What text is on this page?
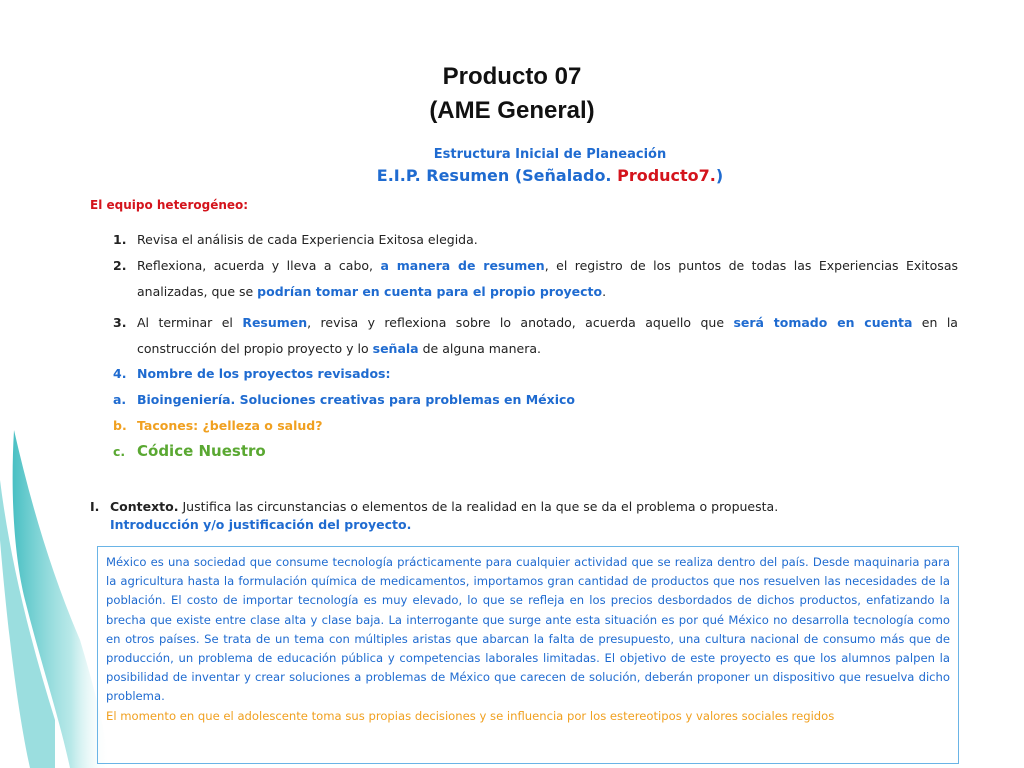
Producto 07
(AME General)
Estructura Inicial de Planeación
E.I.P. Resumen (Señalado. Producto7.)
El equipo heterogéneo:
1. Revisa el análisis de cada Experiencia Exitosa elegida.
2. Reflexiona, acuerda y lleva a cabo, a manera de resumen, el registro de los puntos de todas las Experiencias Exitosas
analizadas, que se podrían tomar en cuenta para el propio proyecto.
3. Al terminar el Resumen, revisa y reflexiona sobre lo anotado, acuerda aquello que será tomado en cuenta en la
construcción del propio proyecto y lo señala de alguna manera.
4. Nombre de los proyectos revisados:
a. Bioingeniería. Soluciones creativas para problemas en México
b. Tacones: ¿belleza o salud?
c. Códice Nuestro
I. Contexto. Justifica las circunstancias o elementos de la realidad en la que se da el problema o propuesta.
Introducción y/o justificación del proyecto.
México es una sociedad que consume tecnología prácticamente para cualquier actividad que se realiza dentro del país. Desde maquinaria para la agricultura hasta la formulación química de medicamentos, importamos gran cantidad de productos que nos resuelven las necesidades de la población. El costo de importar tecnología es muy elevado, lo que se refleja en los precios desbordados de dichos productos, enfatizando la brecha que existe entre clase alta y clase baja. La interrogante que surge ante esta situación es por qué México no desarrolla tecnología como en otros países. Se trata de un tema con múltiples aristas que abarcan la falta de presupuesto, una cultura nacional de consumo más que de producción, un problema de educación pública y competencias laborales limitadas. El objetivo de este proyecto es que los alumnos palpen la posibilidad de inventar y crear soluciones a problemas de México que carecen de solución, deberán proponer un dispositivo que resuelva dicho problema.
El momento en que el adolescente toma sus propias decisiones y se influencia por los estereotipos y valores sociales regidos
